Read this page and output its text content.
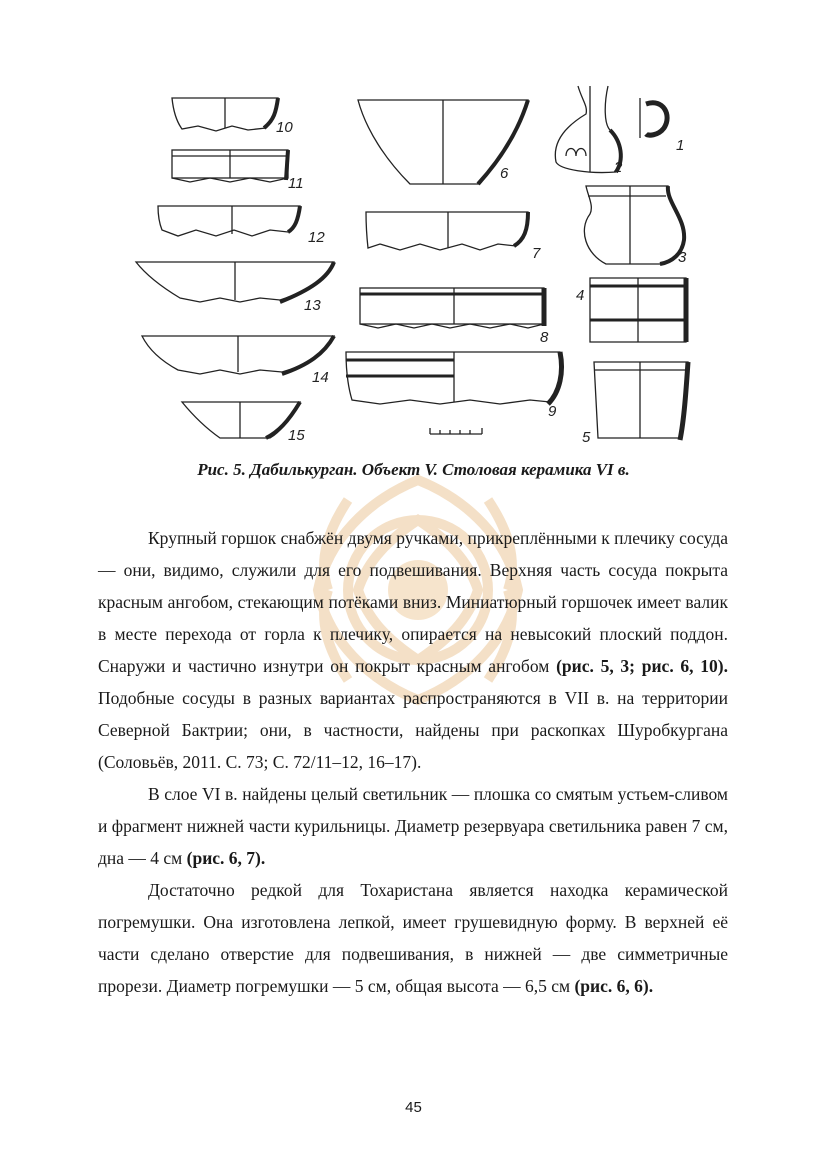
1
2
3
4
5
6
7
8
9
10
11
12
13
14
15
Рис. 5. Дабилькурган. Объект V. Столовая керамика VI в.

Крупный горшок снабжён двумя ручками, прикреплёнными к плечику сосуда — они, видимо, служили для его подвешивания. Верхняя часть сосуда покрыта красным ангобом, стекающим потёками вниз. Миниатюрный горшочек имеет валик в месте перехода от горла к плечику, опирается на невысокий плоский поддон. Снаружи и частично изнутри он покрыт красным ангобом (рис. 5, 3; рис. 6, 10). Подобные сосуды в разных вариантах распространяются в VII в. на территории Северной Бактрии; они, в частности, найдены при раскопках Шуробкургана (Соловьёв, 2011. С. 73; С. 72/11–12, 16–17).

В слое VI в. найдены целый светильник — плошка со смятым устьем-сливом и фрагмент нижней части курильницы. Диаметр резервуара светильника равен 7 см, дна — 4 см (рис. 6, 7).

Достаточно редкой для Тохаристана является находка керамической погремушки. Она изготовлена лепкой, имеет грушевидную форму. В верхней её части сделано отверстие для подвешивания, в нижней — две симметричные прорези. Диаметр погремушки — 5 см, общая высота — 6,5 см (рис. 6, 6).

45
